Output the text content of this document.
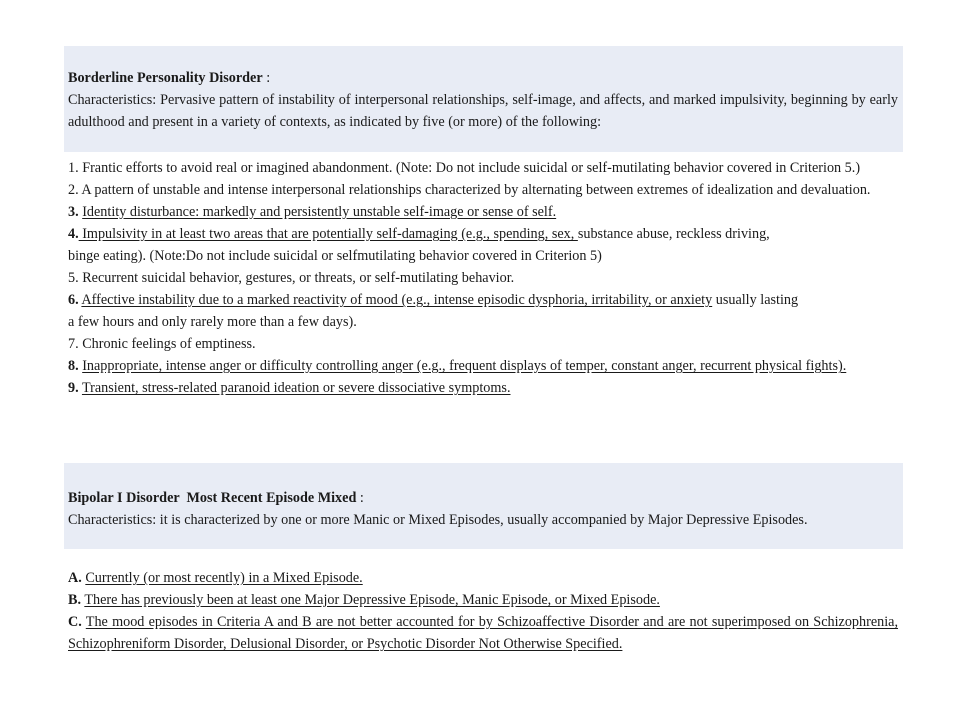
Borderline Personality Disorder :
Characteristics: Pervasive pattern of instability of interpersonal relationships, self-image, and affects, and marked impulsivity, beginning by early adulthood and present in a variety of contexts, as indicated by five (or more) of the following:
1. Frantic efforts to avoid real or imagined abandonment. (Note: Do not include suicidal or self-mutilating behavior covered in Criterion 5.)
2. A pattern of unstable and intense interpersonal relationships characterized by alternating between extremes of idealization and devaluation.
3. Identity disturbance: markedly and persistently unstable self-image or sense of self.
4. Impulsivity in at least two areas that are potentially self-damaging (e.g., spending, sex, substance abuse, reckless driving,
binge eating). (Note:Do not include suicidal or selfmutilating behavior covered in Criterion 5)
5. Recurrent suicidal behavior, gestures, or threats, or self-mutilating behavior.
6. Affective instability due to a marked reactivity of mood (e.g., intense episodic dysphoria, irritability, or anxiety usually lasting
a few hours and only rarely more than a few days).
7. Chronic feelings of emptiness.
8. Inappropriate, intense anger or difficulty controlling anger (e.g., frequent displays of temper, constant anger, recurrent physical fights).
9. Transient, stress-related paranoid ideation or severe dissociative symptoms.
Bipolar I Disorder  Most Recent Episode Mixed :
Characteristics: it is characterized by one or more Manic or Mixed Episodes, usually accompanied by Major Depressive Episodes.
A. Currently (or most recently) in a Mixed Episode.
B. There has previously been at least one Major Depressive Episode, Manic Episode, or Mixed Episode.
C. The mood episodes in Criteria A and B are not better accounted for by Schizoaffective Disorder and are not superimposed on Schizophrenia, Schizophreniform Disorder, Delusional Disorder, or Psychotic Disorder Not Otherwise Specified.
